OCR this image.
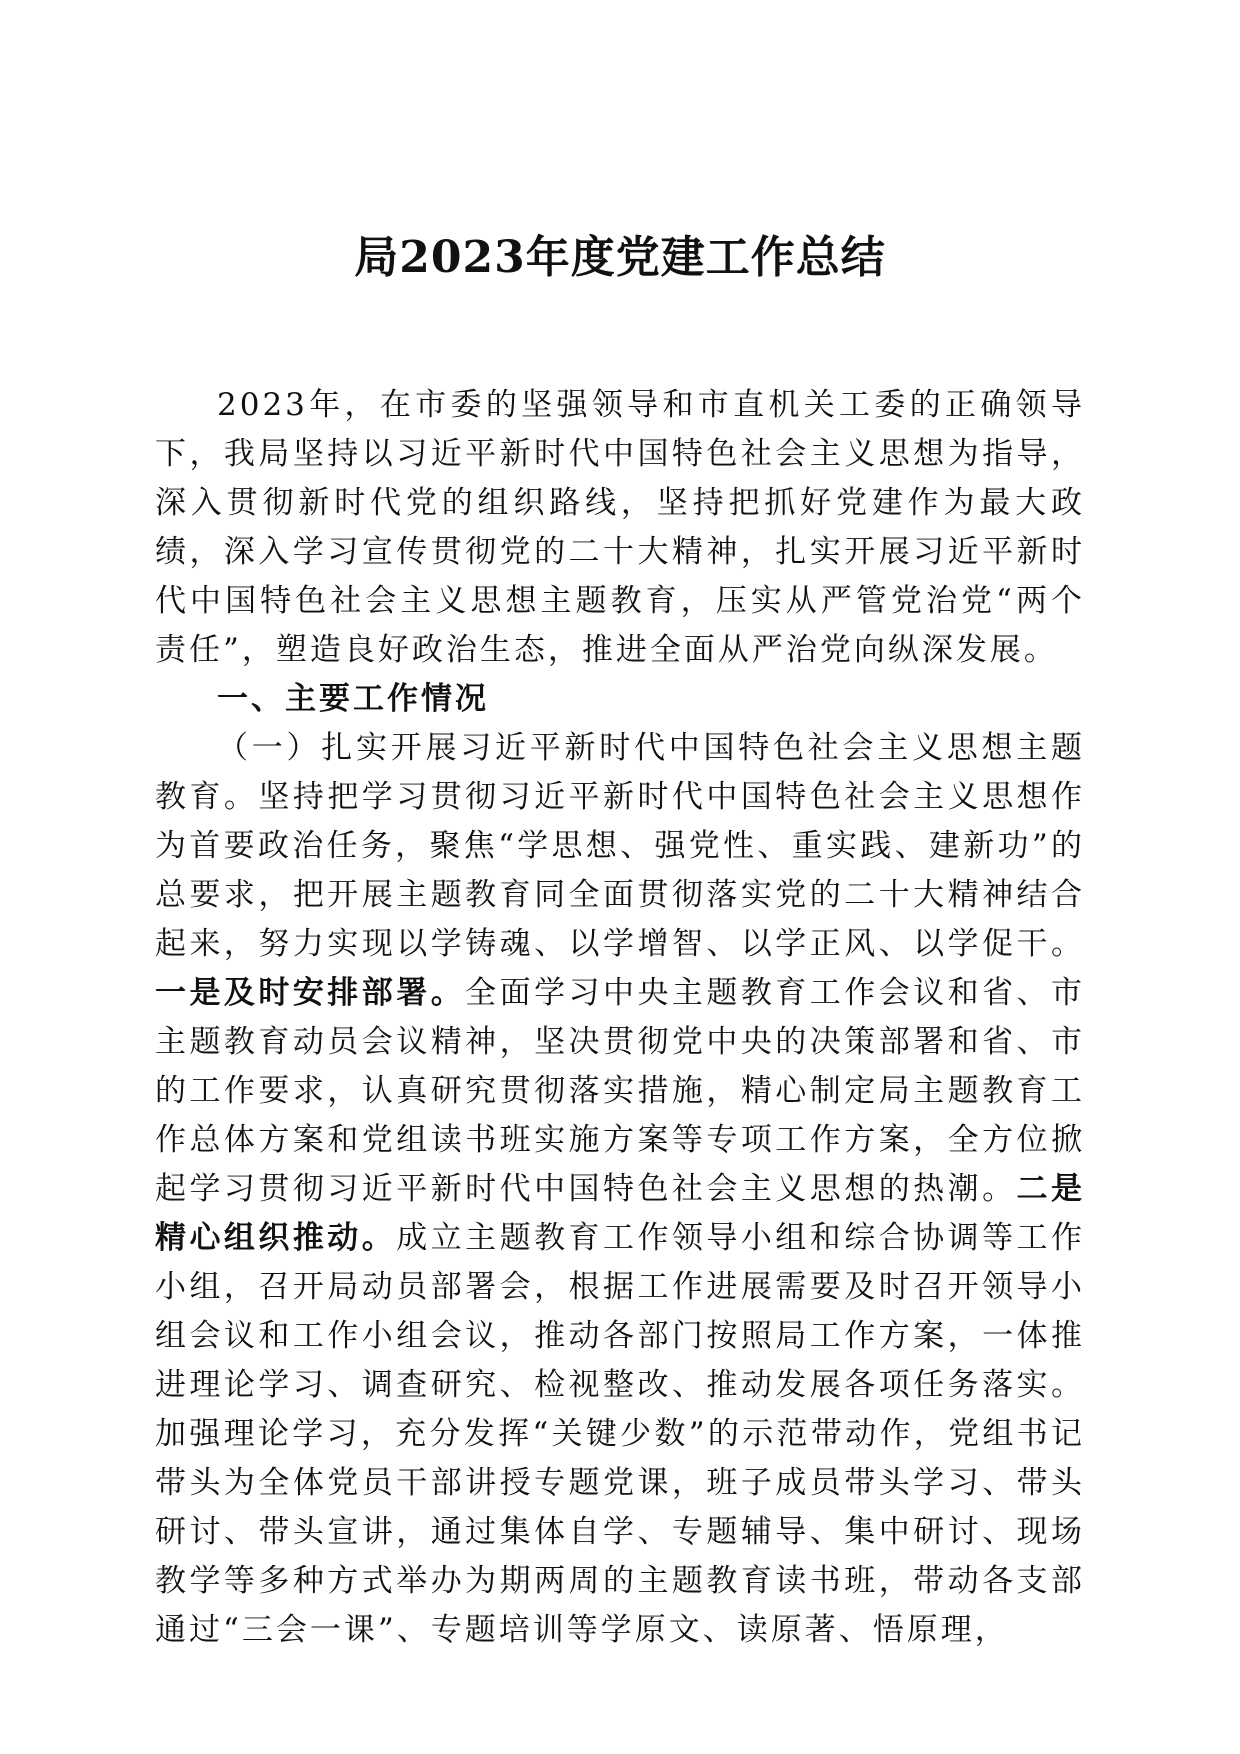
局2023年度党建工作总结

2023年，在市委的坚强领导和市直机关工委的正确领导下，我局坚持以习近平新时代中国特色社会主义思想为指导，深入贯彻新时代党的组织路线，坚持把抓好党建作为最大政绩，深入学习宣传贯彻党的二十大精神，扎实开展习近平新时代中国特色社会主义思想主题教育，压实从严管党治党“两个责任”，塑造良好政治生态，推进全面从严治党向纵深发展。

一、主要工作情况

（一）扎实开展习近平新时代中国特色社会主义思想主题教育。坚持把学习贯彻习近平新时代中国特色社会主义思想作为首要政治任务，聚焦“学思想、强党性、重实践、建新功”的总要求，把开展主题教育同全面贯彻落实党的二十大精神结合起来，努力实现以学铸魂、以学增智、以学正风、以学促干。一是及时安排部署。全面学习中央主题教育工作会议和省、市主题教育动员会议精神，坚决贯彻党中央的决策部署和省、市的工作要求，认真研究贯彻落实措施，精心制定局主题教育工作总体方案和党组读书班实施方案等专项工作方案，全方位掀起学习贯彻习近平新时代中国特色社会主义思想的热潮。二是精心组织推动。成立主题教育工作领导小组和综合协调等工作小组，召开局动员部署会，根据工作进展需要及时召开领导小组会议和工作小组会议，推动各部门按照局工作方案，一体推进理论学习、调查研究、检视整改、推动发展各项任务落实。加强理论学习，充分发挥“关键少数”的示范带动作，党组书记带头为全体党员干部讲授专题党课，班子成员带头学习、带头研讨、带头宣讲，通过集体自学、专题辅导、集中研讨、现场教学等多种方式举办为期两周的主题教育读书班，带动各支部通过“三会一课”、专题培训等学原文、读原著、悟原理，
